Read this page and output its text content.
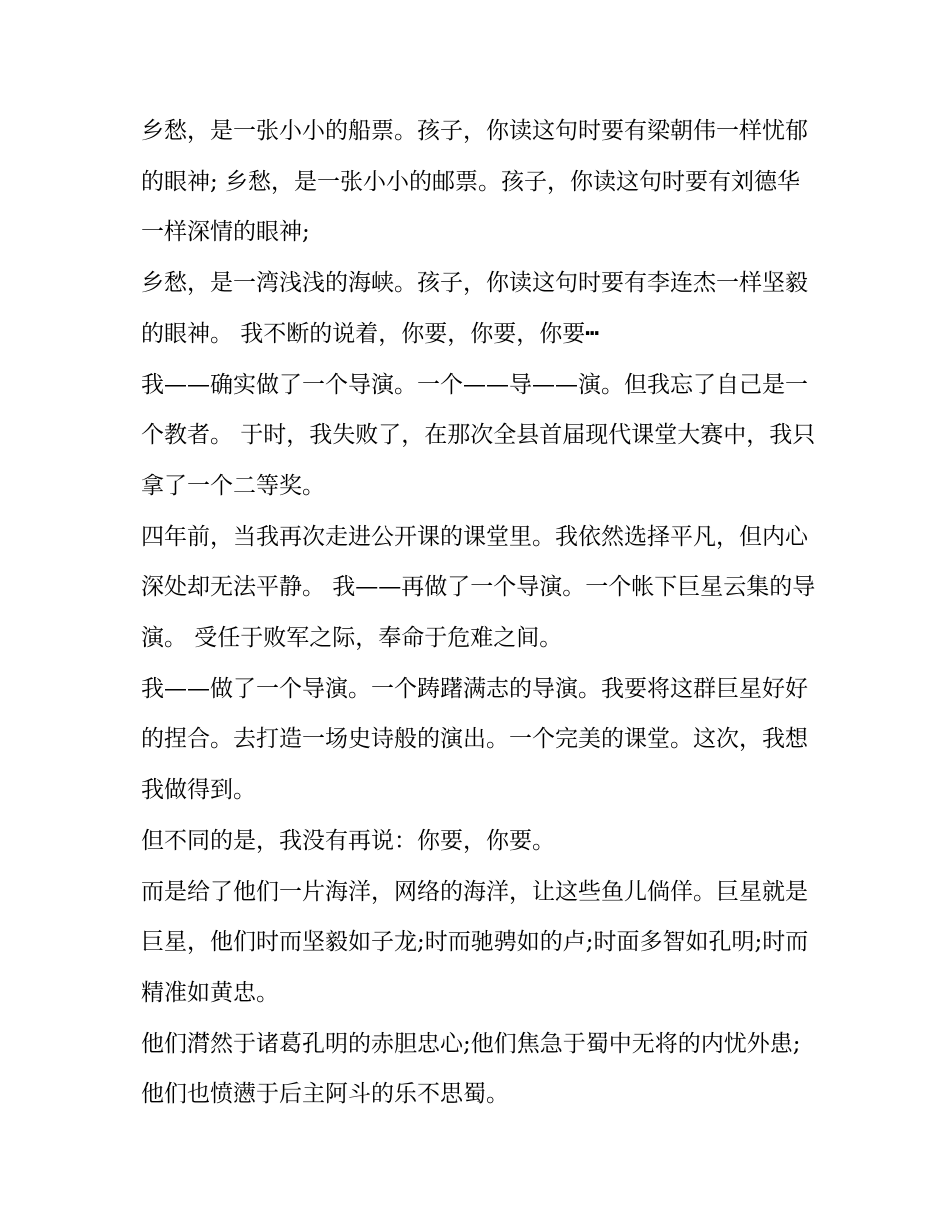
乡愁，是一张小小的船票。孩子，你读这句时要有梁朝伟一样忧郁的眼神; 乡愁，是一张小小的邮票。孩子，你读这句时要有刘德华一样深情的眼神;

乡愁，是一湾浅浅的海峡。孩子，你读这句时要有李连杰一样坚毅的眼神。 我不断的说着，你要，你要，你要┅

我——确实做了一个导演。一个——导——演。但我忘了自己是一个教者。 于时，我失败了，在那次全县首届现代课堂大赛中，我只拿了一个二等奖。

四年前，当我再次走进公开课的课堂里。我依然选择平凡，但内心深处却无法平静。 我——再做了一个导演。一个帐下巨星云集的导演。 受任于败军之际，奉命于危难之间。

我——做了一个导演。一个踌躇满志的导演。我要将这群巨星好好的捏合。去打造一场史诗般的演出。一个完美的课堂。这次，我想我做得到。

但不同的是，我没有再说：你要，你要。

而是给了他们一片海洋，网络的海洋，让这些鱼儿倘佯。巨星就是巨星，他们时而坚毅如子龙;时而驰骋如的卢;时面多智如孔明;时而精准如黄忠。

他们潸然于诸葛孔明的赤胆忠心;他们焦急于蜀中无将的内忧外患;他们也愤懑于后主阿斗的乐不思蜀。
